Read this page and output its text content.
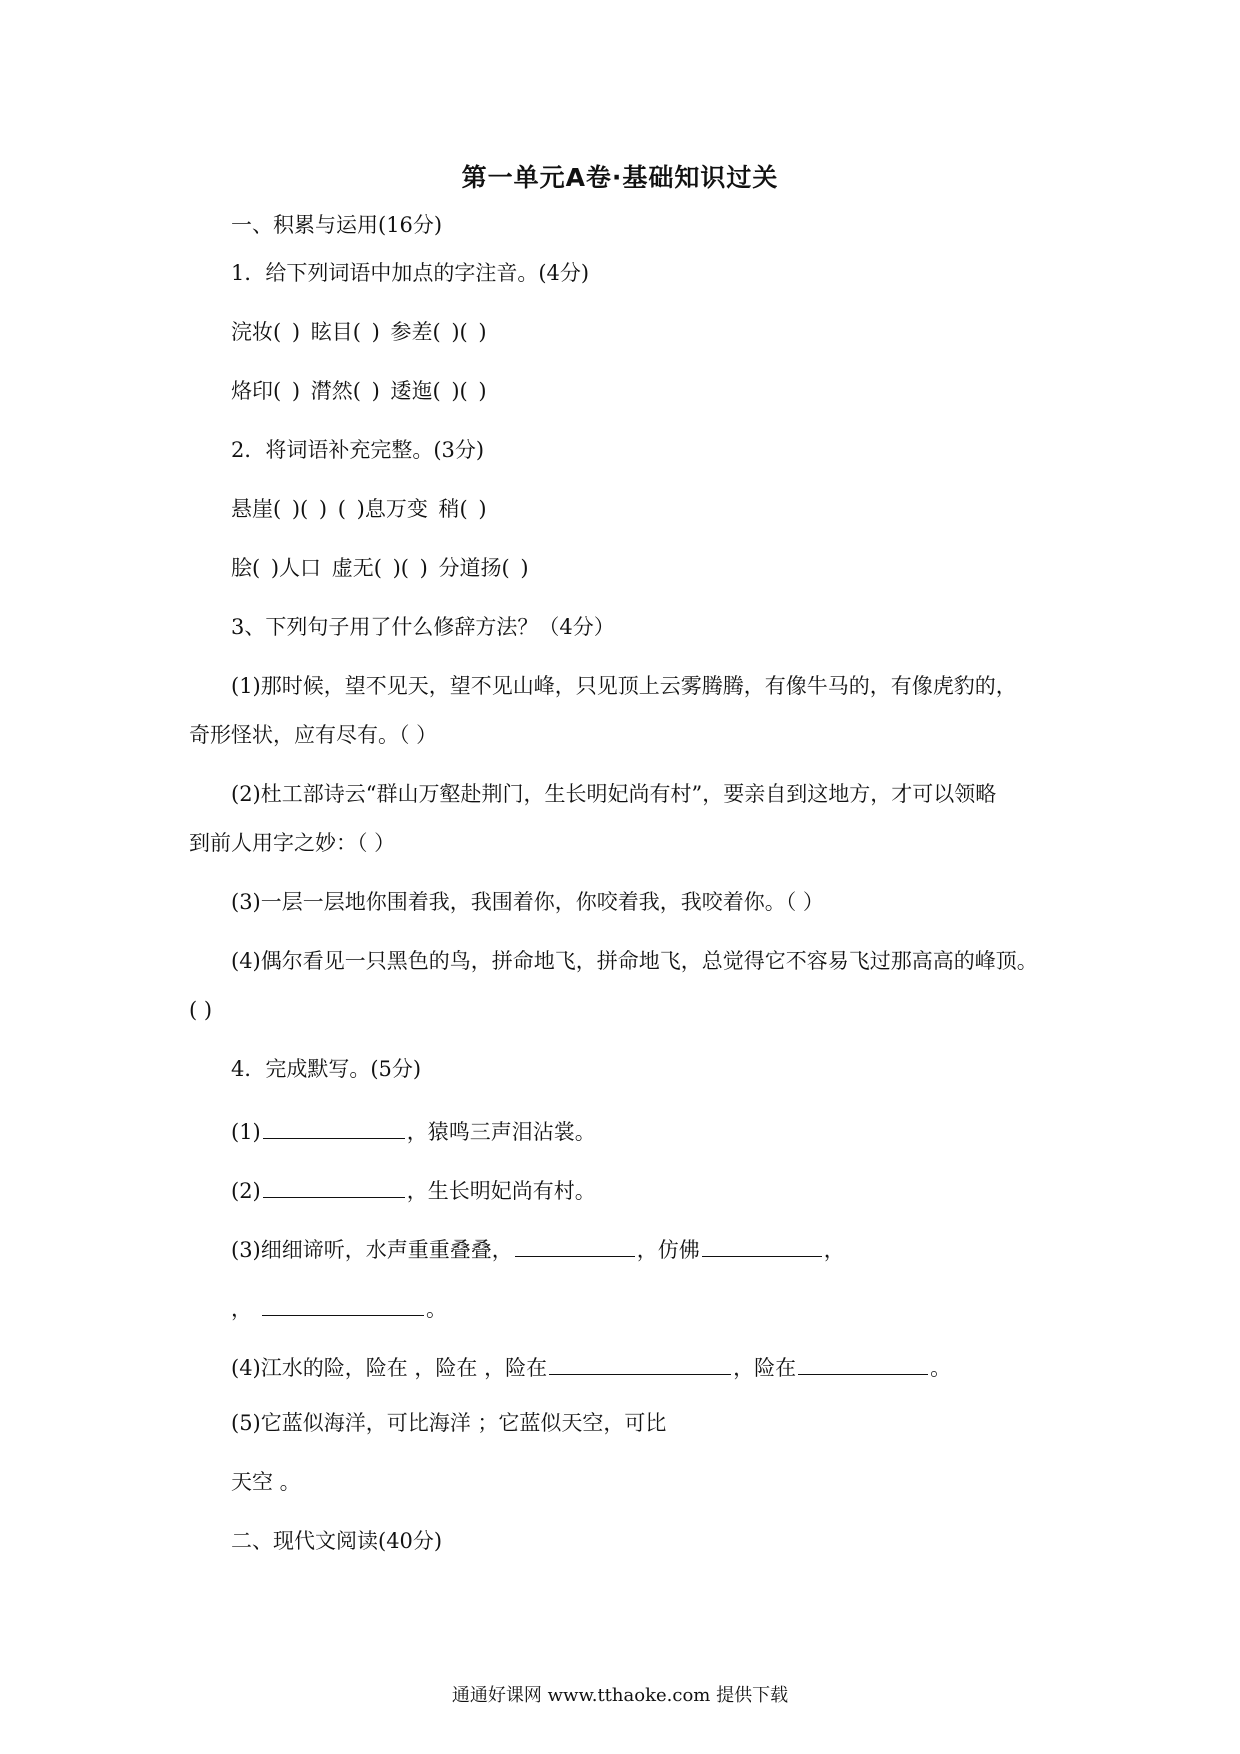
第一单元A卷·基础知识过关
一、积累与运用(16分)
1．给下列词语中加点的字注音。(4分)
浣妆( ) 眩目( ) 参差( )( )
烙印( ) 潸然( ) 逶迤( )( )
2．将词语补充完整。(3分)
悬崖( )( ) ( )息万变 稍( )
脍( )人口 虚无( )( ) 分道扬( )
3、下列句子用了什么修辞方法？（4分）
(1)那时候，望不见天，望不见山峰，只见顶上云雾腾腾，有像牛马的，有像虎豹的，
奇形怪状，应有尽有。（ ）
(2)杜工部诗云“群山万壑赴荆门，生长明妃尚有村”，要亲自到这地方，才可以领略
到前人用字之妙：（ ）
(3)一层一层地你围着我，我围着你，你咬着我，我咬着你。（ ）
(4)偶尔看见一只黑色的鸟，拼命地飞，拼命地飞，总觉得它不容易飞过那高高的峰顶。
( )
4．完成默写。(5分)
(1)	，猿鸣三声泪沾裳。
(2)	，生长明妃尚有村。
(3)细细谛听，水声重重叠叠，	，仿佛	，
，	。
(4)江水的险，险在 ，险在 ，险在	，险在	。
(5)它蓝似海洋，可比海洋 ；它蓝似天空，可比
天空 。
二、现代文阅读(40分)
通通好课网 www.tthaoke.com 提供下载
